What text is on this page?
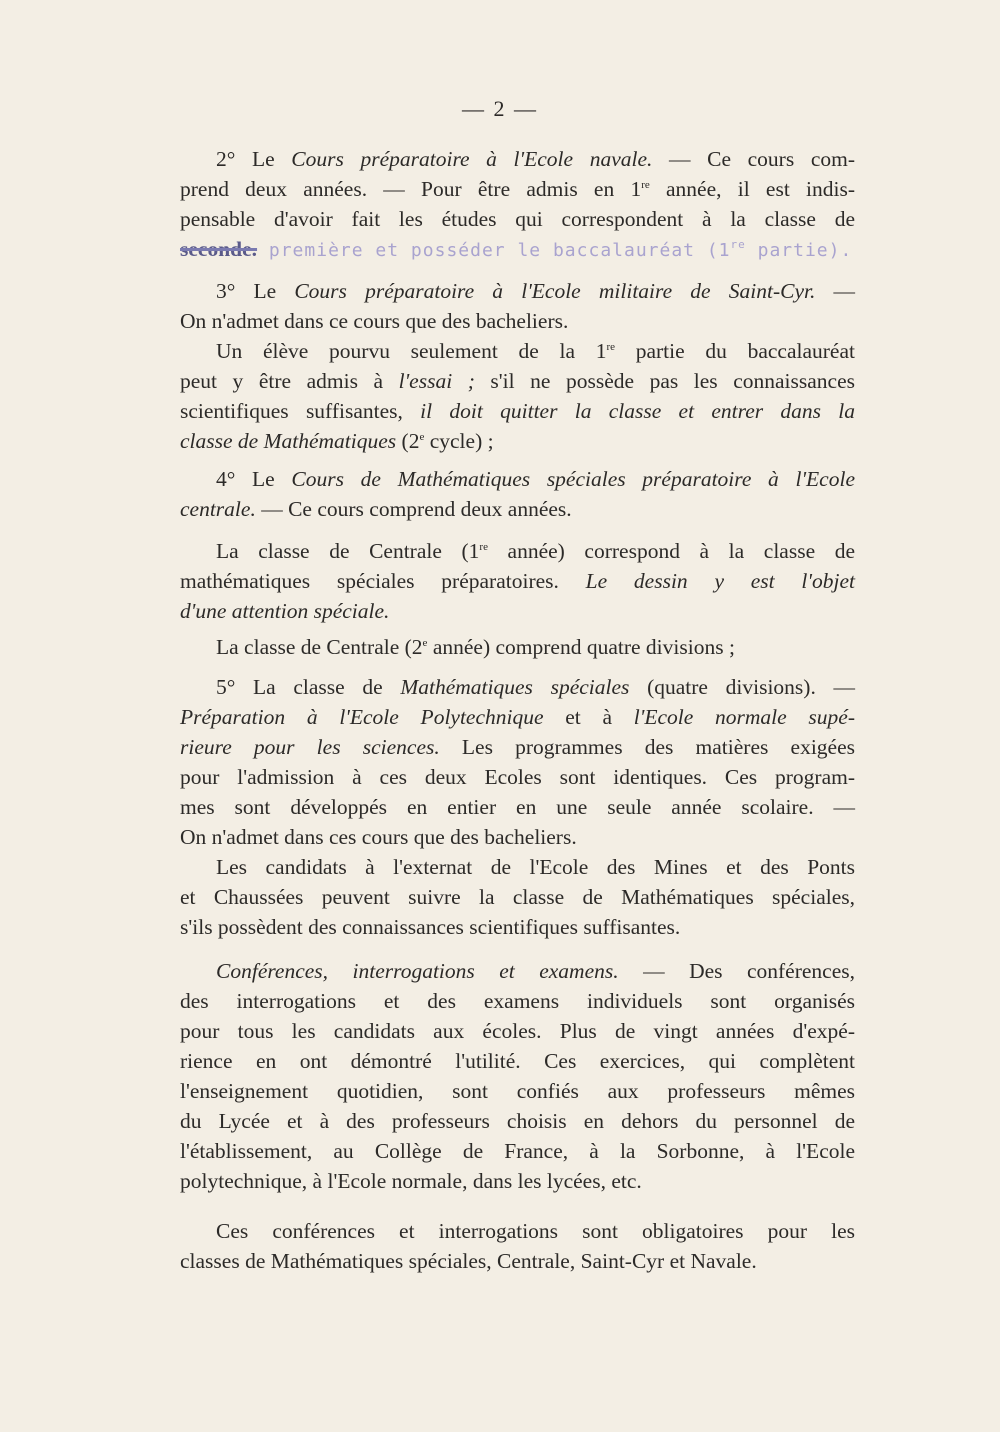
— 2 —
2° Le Cours préparatoire à l'Ecole navale. — Ce cours com-
prend deux années. — Pour être admis en 1re année, il est indis-
pensable d'avoir fait les études qui correspondent à la classe de
seconde. première et posséder le baccalauréat (1re partie).
3° Le Cours préparatoire à l'Ecole militaire de Saint-Cyr. —
On n'admet dans ce cours que des bacheliers.
Un élève pourvu seulement de la 1re partie du baccalauréat
peut y être admis à l'essai ; s'il ne possède pas les connaissances
scientifiques suffisantes, il doit quitter la classe et entrer dans la
classe de Mathématiques (2e cycle) ;
4° Le Cours de Mathématiques spéciales préparatoire à l'Ecole
centrale. — Ce cours comprend deux années.
La classe de Centrale (1re année) correspond à la classe de
mathématiques spéciales préparatoires. Le dessin y est l'objet
d'une attention spéciale.
La classe de Centrale (2e année) comprend quatre divisions ;
5° La classe de Mathématiques spéciales (quatre divisions). —
Préparation à l'Ecole Polytechnique et à l'Ecole normale supé-
rieure pour les sciences. Les programmes des matières exigées
pour l'admission à ces deux Ecoles sont identiques. Ces program-
mes sont développés en entier en une seule année scolaire. —
On n'admet dans ces cours que des bacheliers.
Les candidats à l'externat de l'Ecole des Mines et des Ponts
et Chaussées peuvent suivre la classe de Mathématiques spéciales,
s'ils possèdent des connaissances scientifiques suffisantes.
Conférences, interrogations et examens. — Des conférences,
des interrogations et des examens individuels sont organisés
pour tous les candidats aux écoles. Plus de vingt années d'expé-
rience en ont démontré l'utilité. Ces exercices, qui complètent
l'enseignement quotidien, sont confiés aux professeurs mêmes
du Lycée et à des professeurs choisis en dehors du personnel de
l'établissement, au Collège de France, à la Sorbonne, à l'Ecole
polytechnique, à l'Ecole normale, dans les lycées, etc.
Ces conférences et interrogations sont obligatoires pour les
classes de Mathématiques spéciales, Centrale, Saint-Cyr et Navale.
